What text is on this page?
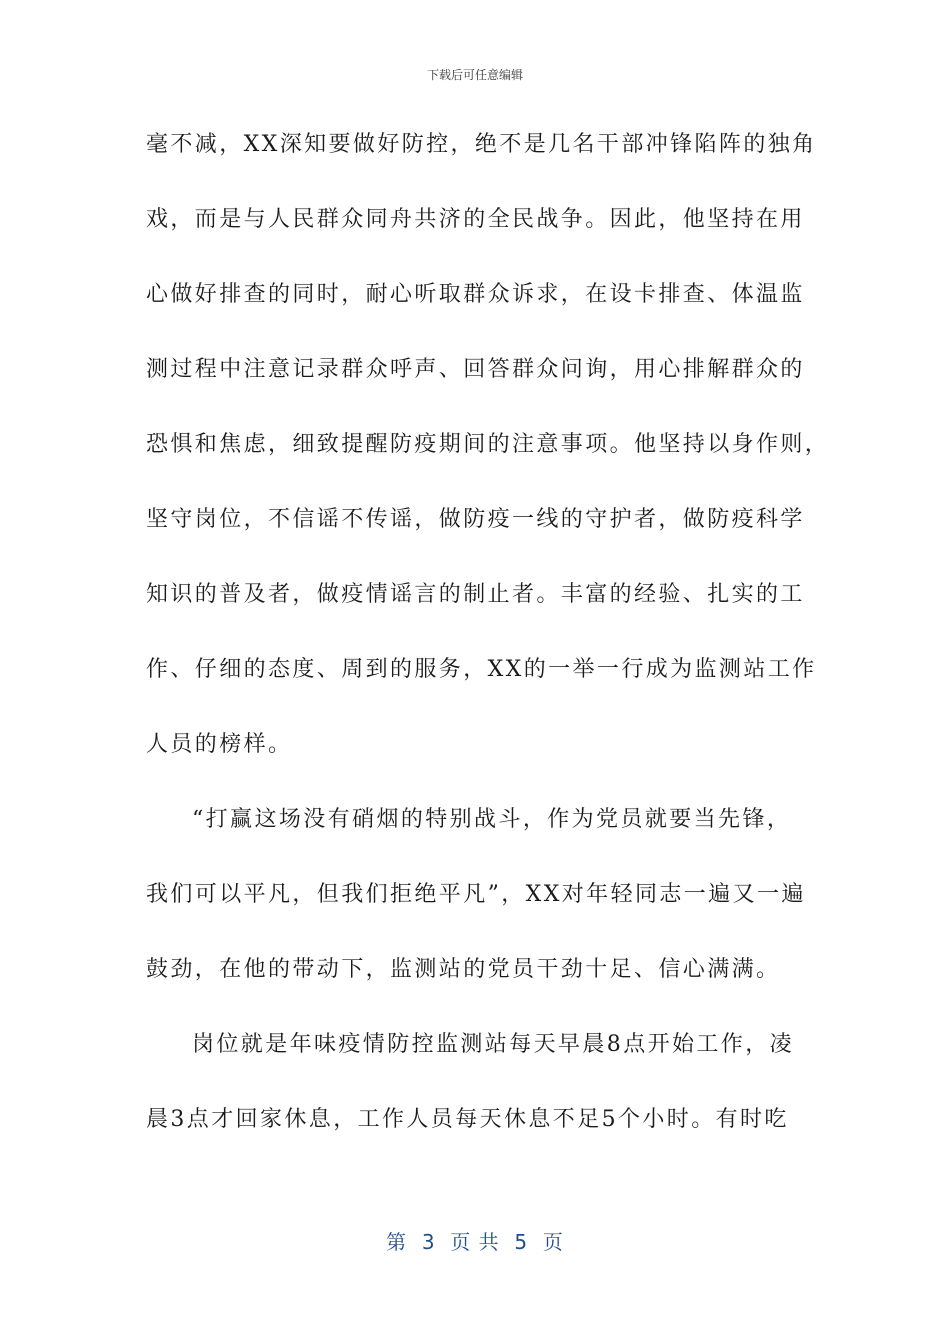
下载后可任意编辑
毫不减，XX深知要做好防控，绝不是几名干部冲锋陷阵的独角
戏，而是与人民群众同舟共济的全民战争。因此，他坚持在用
心做好排查的同时，耐心听取群众诉求，在设卡排查、体温监
测过程中注意记录群众呼声、回答群众问询，用心排解群众的
恐惧和焦虑，细致提醒防疫期间的注意事项。他坚持以身作则，
坚守岗位，不信谣不传谣，做防疫一线的守护者，做防疫科学
知识的普及者，做疫情谣言的制止者。丰富的经验、扎实的工
作、仔细的态度、周到的服务，XX的一举一行成为监测站工作
人员的榜样。
“打赢这场没有硝烟的特别战斗，作为党员就要当先锋，
我们可以平凡，但我们拒绝平凡”，XX对年轻同志一遍又一遍
鼓劲，在他的带动下，监测站的党员干劲十足、信心满满。
岗位就是年味疫情防控监测站每天早晨8点开始工作，凌
晨3点才回家休息，工作人员每天休息不足5个小时。有时吃
第  3  页 共  5  页
